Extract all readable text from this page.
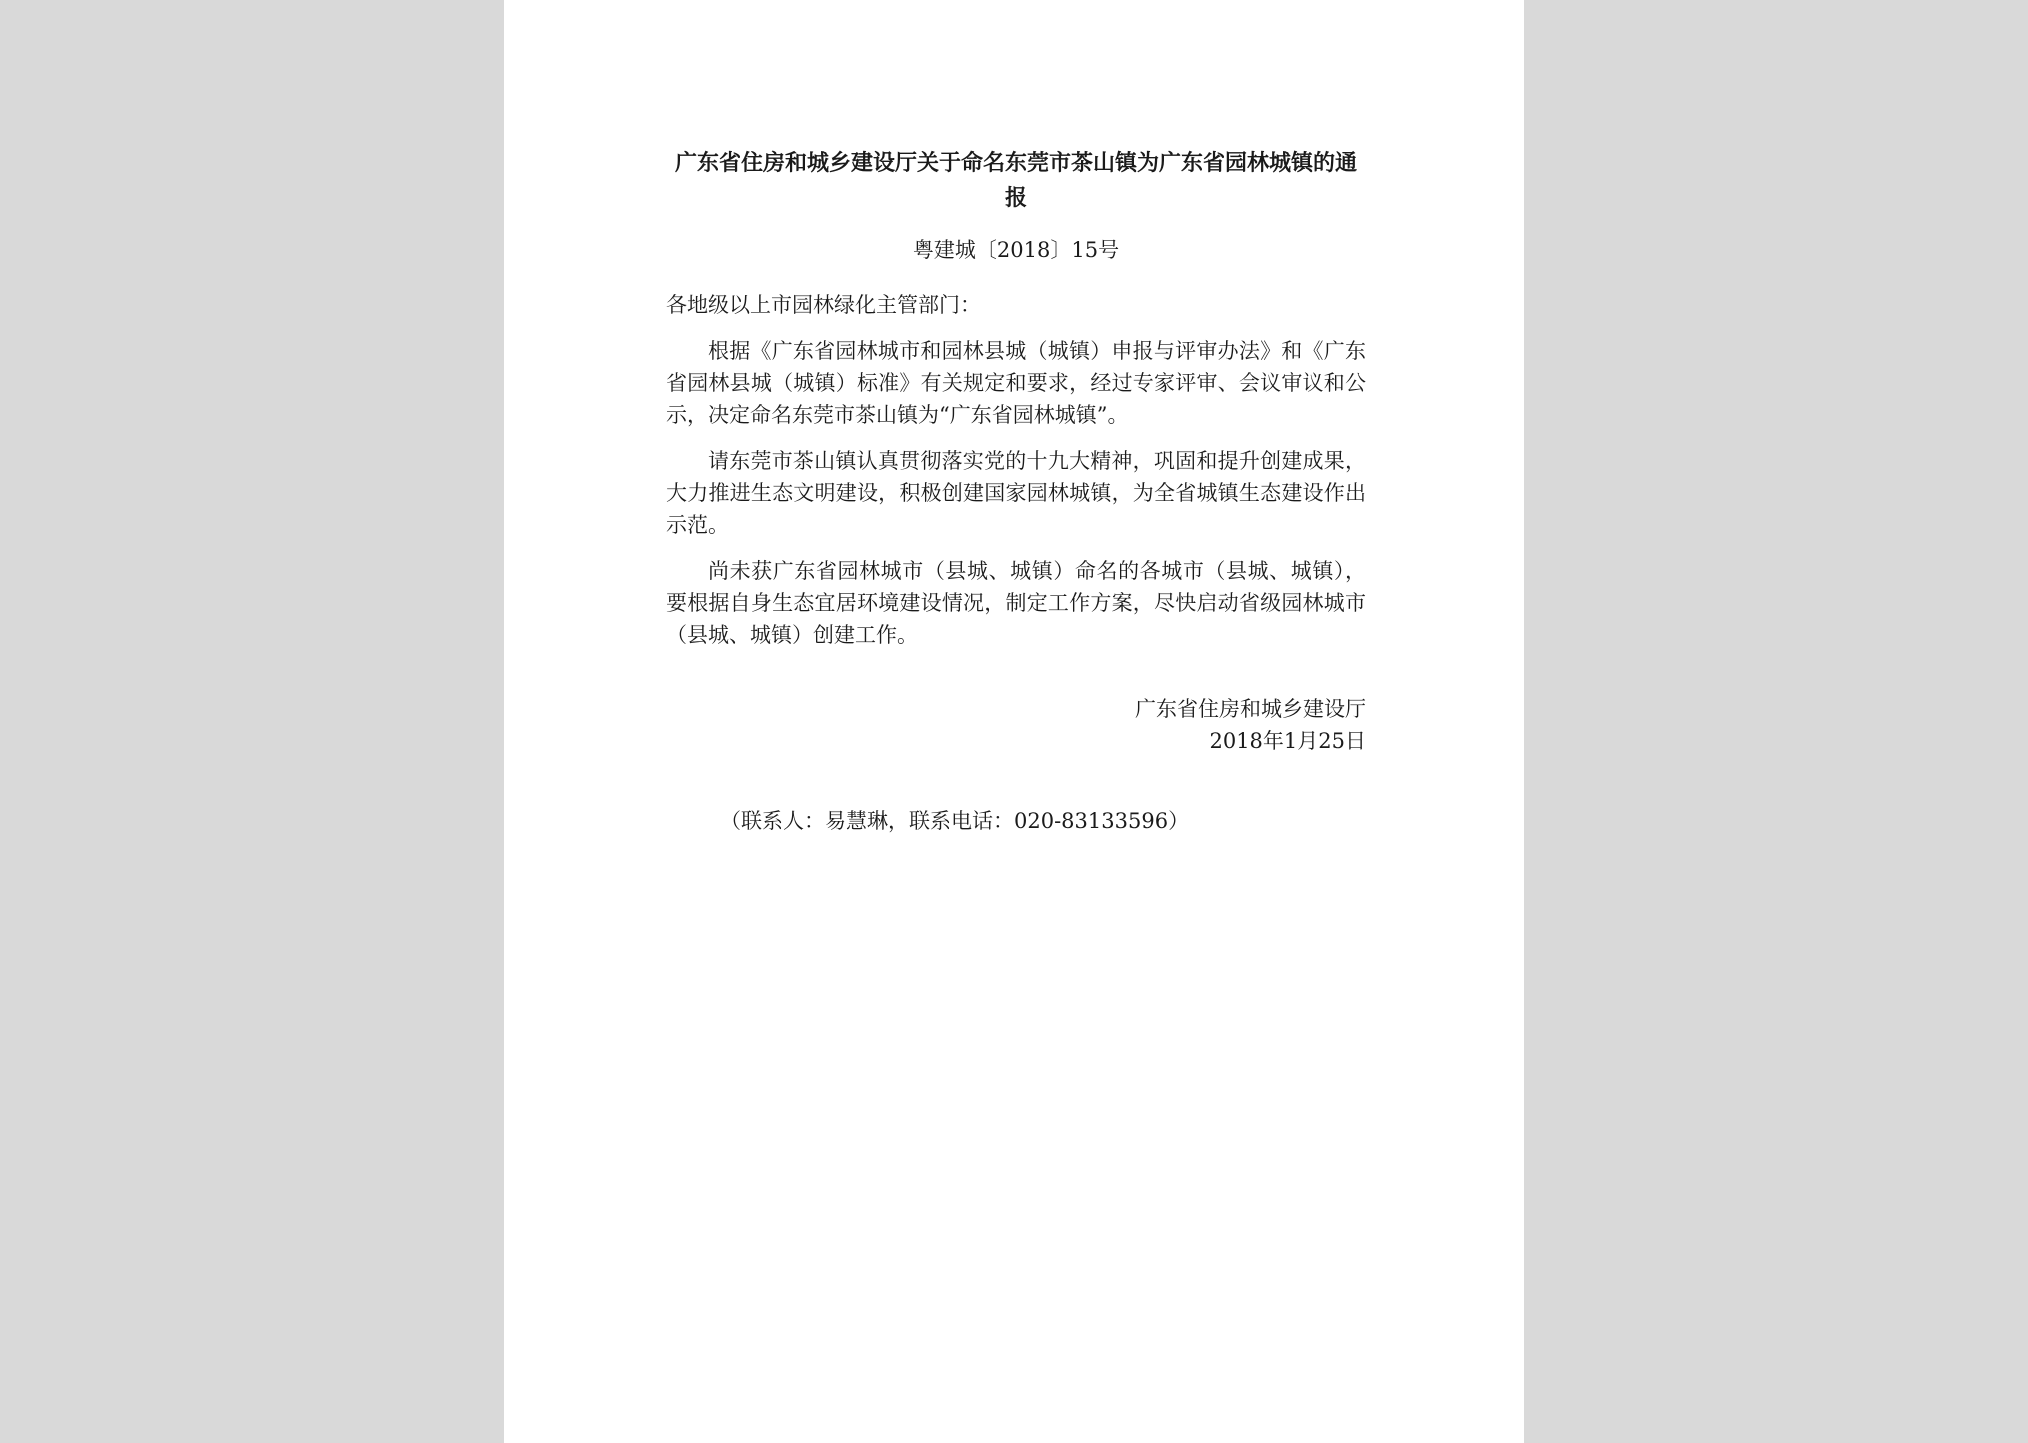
广东省住房和城乡建设厅关于命名东莞市茶山镇为广东省园林城镇的通报

粤建城〔2018〕15号

各地级以上市园林绿化主管部门：

根据《广东省园林城市和园林县城（城镇）申报与评审办法》和《广东省园林县城（城镇）标准》有关规定和要求，经过专家评审、会议审议和公示，决定命名东莞市茶山镇为“广东省园林城镇”。

请东莞市茶山镇认真贯彻落实党的十九大精神，巩固和提升创建成果，大力推进生态文明建设，积极创建国家园林城镇，为全省城镇生态建设作出示范。

尚未获广东省园林城市（县城、城镇）命名的各城市（县城、城镇），要根据自身生态宜居环境建设情况，制定工作方案，尽快启动省级园林城市（县城、城镇）创建工作。

广东省住房和城乡建设厅
2018年1月25日
（联系人：易慧琳，联系电话：020-83133596）
